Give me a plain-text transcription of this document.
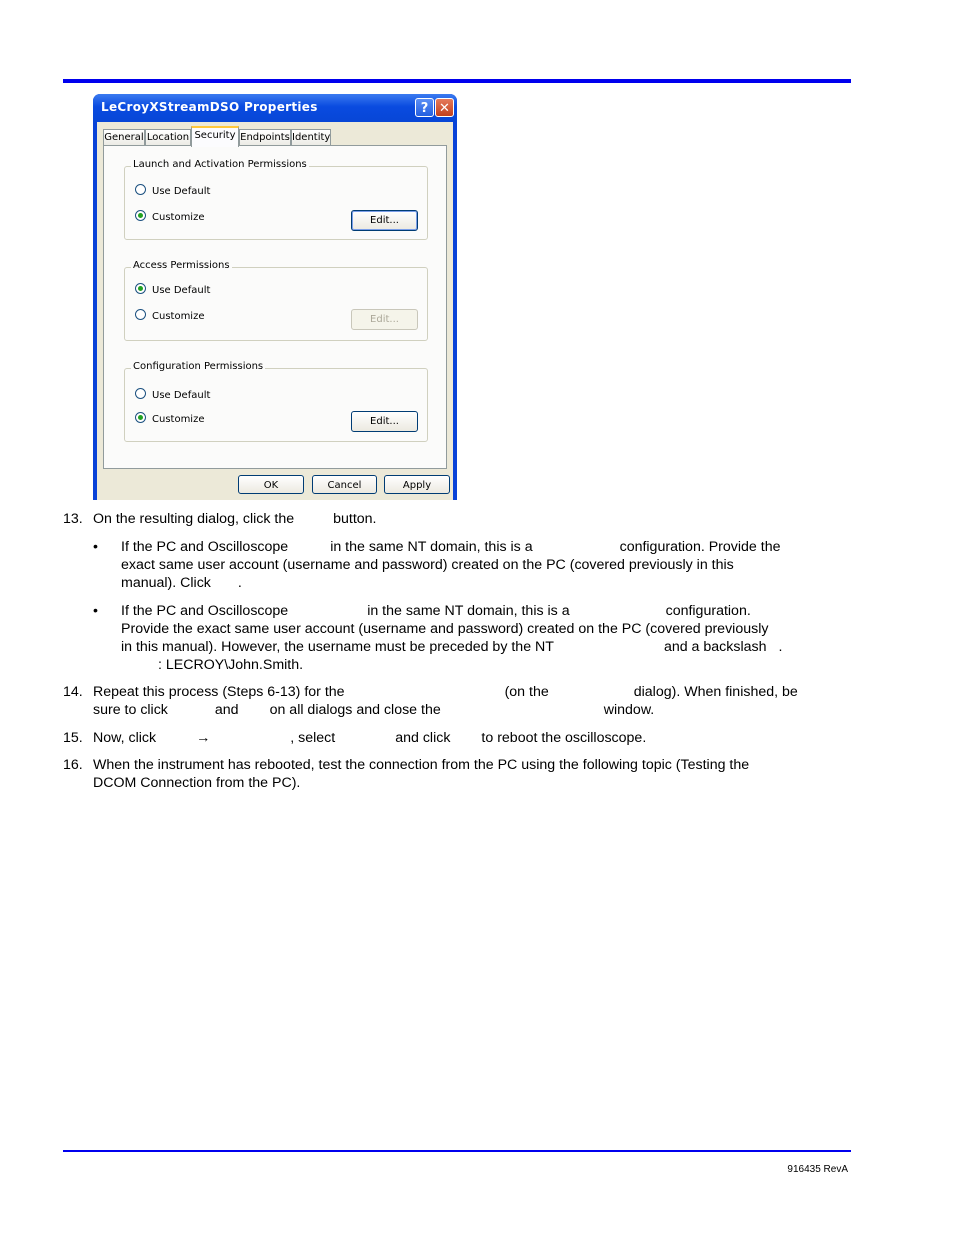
LeCroyXStreamDSO Properties	? ✕
General Location Security Endpoints Identity
Launch and Activation Permissions
Use Default
Customize	Edit...
Access Permissions
Use Default
Customize	Edit...
Configuration Permissions
Use Default
Customize	Edit...
OK	Cancel	Apply
13. On the resulting dialog, click the	button.
• If the PC and Oscilloscope	in the same NT domain, this is a	configuration. Provide the
exact same user account (username and password) created on the PC (covered previously in this
manual). Click .
• If the PC and Oscilloscope	in the same NT domain, this is a	configuration.
Provide the exact same user account (username and password) created on the PC (covered previously
in this manual). However, the username must be preceded by the NT	and a backslash .
: LECROY\John.Smith.
14. Repeat this process (Steps 6-13) for the	(on the	dialog). When finished, be
sure to click	and on all dialogs and close the	window.
15. Now, click	→	, select	and click to reboot the oscilloscope.
16. When the instrument has rebooted, test the connection from the PC using the following topic (Testing the
DCOM Connection from the PC).
916435 RevA
